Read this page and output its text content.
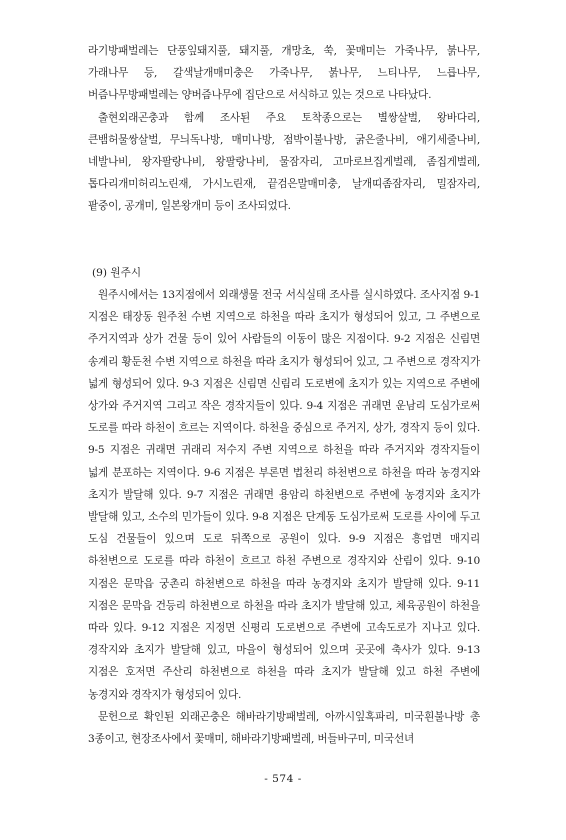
라기방패벌레는 단풍잎돼지풀, 돼지풀, 개망초, 쑥, 꽃매미는 가죽나무, 붉나무, 가래나무 등, 갈색날개매미충은 가죽나무, 붉나무, 느티나무, 느릅나무, 버즘나무방패벌레는 양버즘나무에 집단으로 서식하고 있는 것으로 나타났다.

출현외래곤충과 함께 조사된 주요 토착종으로는 별쌍살벌, 왕바다리, 큰뱀허물쌍살벌, 무늬독나방, 매미나방, 점박이불나방, 굵은줄나비, 애기세줄나비, 네발나비, 왕자팔랑나비, 왕팔랑나비, 물잠자리, 고마로브집게벌레, 좀집게벌레, 톱다리개미허리노린재, 가시노린재, 끝검은말매미충, 날개띠좀잠자리, 밀잠자리, 팥중이, 공개미, 일본왕개미 등이 조사되었다.

(9) 원주시

원주시에서는 13지점에서 외래생물 전국 서식실태 조사를 실시하였다. 조사지점 9-1 지점은 태장동 원주천 수변 지역으로 하천을 따라 초지가 형성되어 있고, 그 주변으로 주거지역과 상가 건물 등이 있어 사람들의 이동이 많은 지점이다. 9-2 지점은 신림면 송계리 황둔천 수변 지역으로 하천을 따라 초지가 형성되어 있고, 그 주변으로 경작지가 넓게 형성되어 있다. 9-3 지점은 신림면 신림리 도로변에 초지가 있는 지역으로 주변에 상가와 주거지역 그리고 작은 경작지들이 있다. 9-4 지점은 귀래면 운남리 도심가로써 도로를 따라 하천이 흐르는 지역이다. 하천을 중심으로 주거지, 상가, 경작지 등이 있다. 9-5 지점은 귀래면 귀래리 저수지 주변 지역으로 하천을 따라 주거지와 경작지들이 넓게 분포하는 지역이다. 9-6 지점은 부론면 법천리 하천변으로 하천을 따라 농경지와 초지가 발달해 있다. 9-7 지점은 귀래면 용암리 하천변으로 주변에 농경지와 초지가 발달해 있고, 소수의 민가들이 있다. 9-8 지점은 단계동 도심가로써 도로를 사이에 두고 도심 건물들이 있으며 도로 뒤쪽으로 공원이 있다. 9-9 지점은 흥업면 매지리 하천변으로 도로를 따라 하천이 흐르고 하천 주변으로 경작지와 산림이 있다. 9-10 지점은 문막읍 궁촌리 하천변으로 하천을 따라 농경지와 초지가 발달해 있다. 9-11 지점은 문막읍 건등리 하천변으로 하천을 따라 초지가 발달해 있고, 체육공원이 하천을 따라 있다. 9-12 지점은 지정면 신평리 도로변으로 주변에 고속도로가 지나고 있다. 경작지와 초지가 발달해 있고, 마을이 형성되어 있으며 곳곳에 축사가 있다. 9-13 지점은 호저면 주산리 하천변으로 하천을 따라 초지가 발달해 있고 하천 주변에 농경지와 경작지가 형성되어 있다.

문헌으로 확인된 외래곤충은 해바라기방패벌레, 아까시잎혹파리, 미국흰불나방 총 3종이고, 현장조사에서 꽃매미, 해바라기방패벌레, 버들바구미, 미국선녀

- 574 -
